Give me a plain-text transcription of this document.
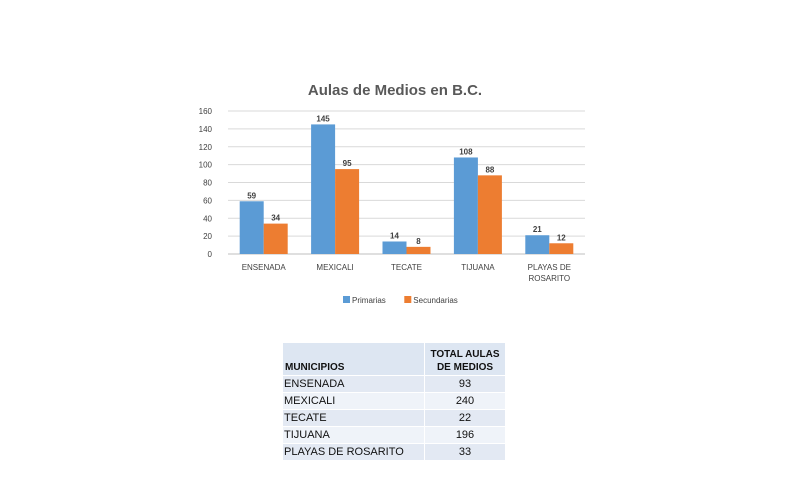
Aulas de Medios en B.C.
0
20
40
60
80
100
120
140
160
59
34
145
95
14
8
108
88
21
12
ENSENADA	MEXICALI	TECATE	TIJUANA	PLAYAS DE
ROSARITO
Primarias	Secundarias
MUNICIPIOS	TOTAL AULAS
DE MEDIOS
ENSENADA	93
MEXICALI	240
TECATE	22
TIJUANA	196
PLAYAS DE ROSARITO	33
